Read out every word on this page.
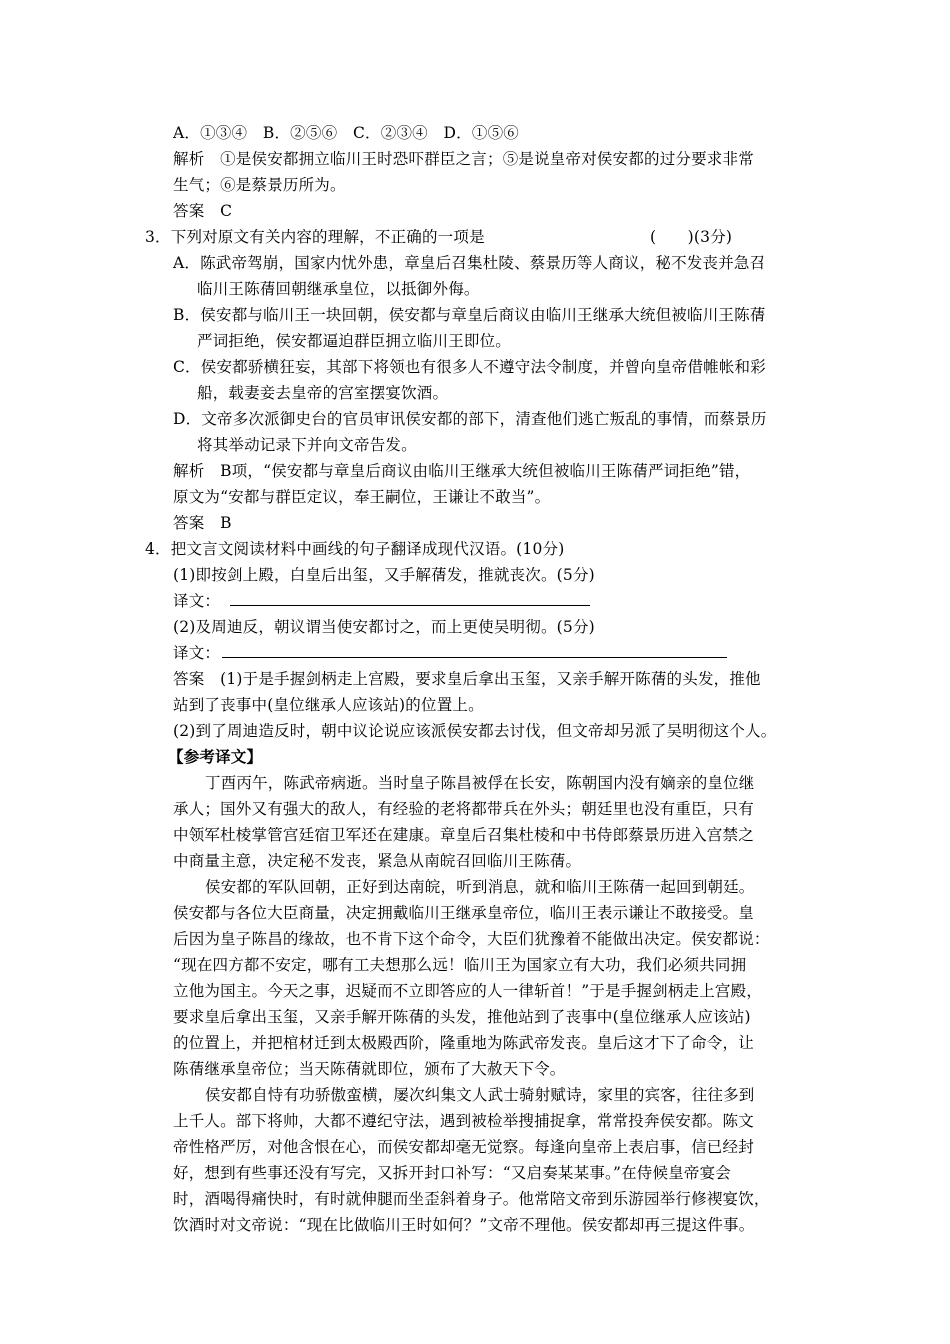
A．①③④　B．②⑤⑥　C．②③④　D．①⑤⑥
解析　①是侯安都拥立临川王时恐吓群臣之言；⑤是说皇帝对侯安都的过分要求非常
生气；⑥是蔡景历所为。
答案　C
3．下列对原文有关内容的理解，不正确的一项是	(　　)(3分)
A．陈武帝驾崩，国家内忧外患，章皇后召集杜陵、蔡景历等人商议，秘不发丧并急召
临川王陈蒨回朝继承皇位，以抵御外侮。
B．侯安都与临川王一块回朝，侯安都与章皇后商议由临川王继承大统但被临川王陈蒨
严词拒绝，侯安都逼迫群臣拥立临川王即位。
C．侯安都骄横狂妄，其部下将领也有很多人不遵守法令制度，并曾向皇帝借帷帐和彩
船，载妻妾去皇帝的宫室摆宴饮酒。
D．文帝多次派御史台的官员审讯侯安都的部下，清查他们逃亡叛乱的事情，而蔡景历
将其举动记录下并向文帝告发。
解析　B项，“侯安都与章皇后商议由临川王继承大统但被临川王陈蒨严词拒绝”错，
原文为“安都与群臣定议，奉王嗣位，王谦让不敢当”。
答案　B
4．把文言文阅读材料中画线的句子翻译成现代汉语。(10分)
(1)即按剑上殿，白皇后出玺，又手解蒨发，推就丧次。(5分)
译文：
(2)及周迪反，朝议谓当使安都讨之，而上更使吴明彻。(5分)
译文：
答案　(1)于是手握剑柄走上宫殿，要求皇后拿出玉玺，又亲手解开陈蒨的头发，推他
站到了丧事中(皇位继承人应该站)的位置上。
(2)到了周迪造反时，朝中议论说应该派侯安都去讨伐，但文帝却另派了吴明彻这个人。
【参考译文】
丁酉丙午，陈武帝病逝。当时皇子陈昌被俘在长安，陈朝国内没有嫡亲的皇位继
承人；国外又有强大的敌人，有经验的老将都带兵在外头；朝廷里也没有重臣，只有
中领军杜棱掌管宫廷宿卫军还在建康。章皇后召集杜棱和中书侍郎蔡景历进入宫禁之
中商量主意，决定秘不发丧，紧急从南皖召回临川王陈蒨。
侯安都的军队回朝，正好到达南皖，听到消息，就和临川王陈蒨一起回到朝廷。
侯安都与各位大臣商量，决定拥戴临川王继承皇帝位，临川王表示谦让不敢接受。皇
后因为皇子陈昌的缘故，也不肯下这个命令，大臣们犹豫着不能做出决定。侯安都说：
“现在四方都不安定，哪有工夫想那么远！临川王为国家立有大功，我们必须共同拥
立他为国主。今天之事，迟疑而不立即答应的人一律斩首！”于是手握剑柄走上宫殿，
要求皇后拿出玉玺，又亲手解开陈蒨的头发，推他站到了丧事中(皇位继承人应该站)
的位置上，并把棺材迁到太极殿西阶，隆重地为陈武帝发丧。皇后这才下了命令，让
陈蒨继承皇帝位；当天陈蒨就即位，颁布了大赦天下令。
侯安都自恃有功骄傲蛮横，屡次纠集文人武士骑射赋诗，家里的宾客，往往多到
上千人。部下将帅，大都不遵纪守法，遇到被检举搜捕捉拿，常常投奔侯安都。陈文
帝性格严厉，对他含恨在心，而侯安都却毫无觉察。每逢向皇帝上表启事，信已经封
好，想到有些事还没有写完，又拆开封口补写：“又启奏某某事。”在侍候皇帝宴会
时，酒喝得痛快时，有时就伸腿而坐歪斜着身子。他常陪文帝到乐游园举行修禊宴饮，
饮酒时对文帝说：“现在比做临川王时如何？”文帝不理他。侯安都却再三提这件事。
